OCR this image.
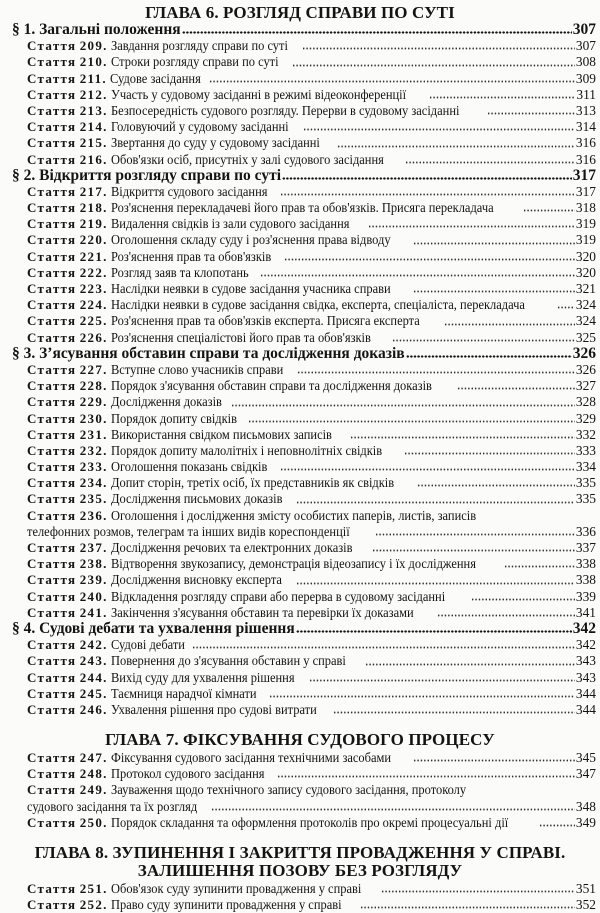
ГЛАВА 6. РОЗГЛЯД СПРАВИ ПО СУТІ
§ 1. Загальні положення	307
Стаття 209. Завдання розгляду справи по суті	307
Стаття 210. Строки розгляду справи по суті	308
Стаття 211. Судове засідання	309
Стаття 212. Участь у судовому засіданні в режимі відеоконференції	311
Стаття 213. Безпосередність судового розгляду. Перерви в судовому засіданні	313
Стаття 214. Головуючий у судовому засіданні	314
Стаття 215. Звертання до суду у судовому засіданні	316
Стаття 216. Обов'язки осіб, присутніх у залі судового засідання	316
§ 2. Відкриття розгляду справи по суті	317
Стаття 217. Відкриття судового засідання	317
Стаття 218. Роз'яснення перекладачеві його прав та обов'язків. Присяга перекладача	318
Стаття 219. Видалення свідків із зали судового засідання	319
Стаття 220. Оголошення складу суду і роз'яснення права відводу	319
Стаття 221. Роз'яснення прав та обов'язків	320
Стаття 222. Розгляд заяв та клопотань	320
Стаття 223. Наслідки неявки в судове засідання учасника справи	321
Стаття 224. Наслідки неявки в судове засідання свідка, експерта, спеціаліста, перекладача	324
Стаття 225. Роз'яснення прав та обов'язків експерта. Присяга експерта	324
Стаття 226. Роз'яснення спеціалістові його прав та обов'язків	325
§ 3. З’ясування обставин справи та дослідження доказів	326
Стаття 227. Вступне слово учасників справи	326
Стаття 228. Порядок з'ясування обставин справи та дослідження доказів	327
Стаття 229. Дослідження доказів	328
Стаття 230. Порядок допиту свідків	329
Стаття 231. Використання свідком письмових записів	332
Стаття 232. Порядок допиту малолітніх і неповнолітніх свідків	333
Стаття 233. Оголошення показань свідків	334
Стаття 234. Допит сторін, третіх осіб, їх представників як свідків	335
Стаття 235. Дослідження письмових доказів	335
Стаття 236. Оголошення і дослідження змісту особистих паперів, листів, записів
телефонних розмов, телеграм та інших видів кореспонденції	336
Стаття 237. Дослідження речових та електронних доказів	337
Стаття 238. Відтворення звукозапису, демонстрація відеозапису і їх дослідження	338
Стаття 239. Дослідження висновку експерта	338
Стаття 240. Відкладення розгляду справи або перерва в судовому засіданні	339
Стаття 241. Закінчення з'ясування обставин та перевірки їх доказами	341
§ 4. Судові дебати та ухвалення рішення	342
Стаття 242. Судові дебати	342
Стаття 243. Повернення до з'ясування обставин у справі	343
Стаття 244. Вихід суду для ухвалення рішення	343
Стаття 245. Таємниця нарадчої кімнати	344
Стаття 246. Ухвалення рішення про судові витрати	344
ГЛАВА 7. ФІКСУВАННЯ СУДОВОГО ПРОЦЕСУ
Стаття 247. Фіксування судового засідання технічними засобами	345
Стаття 248. Протокол судового засідання	347
Стаття 249. Зауваження щодо технічного запису судового засідання, протоколу
судового засідання та їх розгляд	348
Стаття 250. Порядок складання та оформлення протоколів про окремі процесуальні дії	349
ГЛАВА 8. ЗУПИНЕННЯ І ЗАКРИТТЯ ПРОВАДЖЕННЯ У СПРАВІ.
ЗАЛИШЕННЯ ПОЗОВУ БЕЗ РОЗГЛЯДУ
Стаття 251. Обов'язок суду зупинити провадження у справі	351
Стаття 252. Право суду зупинити провадження у справі	352
